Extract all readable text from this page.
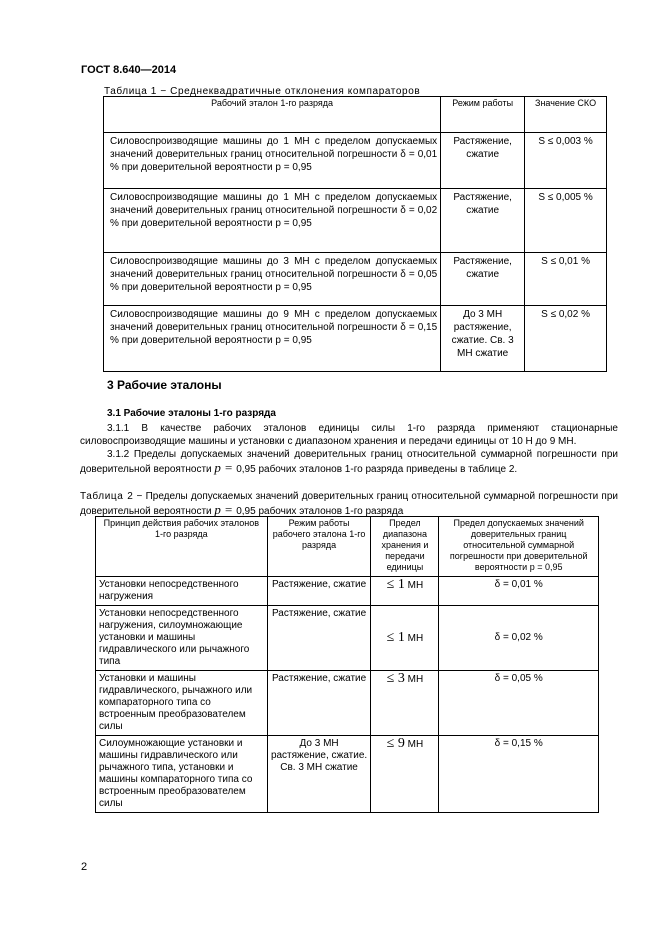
ГОСТ 8.640—2014
Таблица 1 − Среднеквадратичные отклонения компараторов
Рабочий эталон 1-го разряда	Режим работы	Значение СКО
Силовоспроизводящие машины до 1 МН с пределом допускаемых значений доверительных границ относительной погрешности δ = 0,01 % при доверительной вероятности p = 0,95	Растяжение, сжатие	S ≤ 0,003 %
Силовоспроизводящие машины до 1 МН с пределом допускаемых значений доверительных границ относительной погрешности δ = 0,02 % при доверительной вероятности p = 0,95	Растяжение, сжатие	S ≤ 0,005 %
Силовоспроизводящие машины до 3 МН с пределом допускаемых значений доверительных границ относительной погрешности δ = 0,05 % при доверительной вероятности p = 0,95	Растяжение, сжатие	S ≤ 0,01 %
Силовоспроизводящие машины до 9 МН с пределом допускаемых значений доверительных границ относительной погрешности δ = 0,15 % при доверительной вероятности p = 0,95	До 3 МН растяжение, сжатие. Св. 3 МН сжатие	S ≤ 0,02 %
3 Рабочие эталоны
3.1 Рабочие эталоны 1-го разряда
3.1.1 В качестве рабочих эталонов единицы силы 1-го разряда применяют стационарные силовоспроизводящие машины и установки с диапазоном хранения и передачи единицы от 10 Н до 9 МН.
3.1.2 Пределы допускаемых значений доверительных границ относительной суммарной погрешности при доверительной вероятности p = 0,95 рабочих эталонов 1-го разряда приведены в таблице 2.
Таблица 2 − Пределы допускаемых значений доверительных границ относительной суммарной погрешности при доверительной вероятности p = 0,95 рабочих эталонов 1-го разряда
Принцип действия рабочих эталонов 1-го разряда	Режим работы рабочего эталона 1-го разряда	Предел диапазона хранения и передачи единицы	Предел допускаемых значений доверительных границ относительной суммарной погрешности при доверительной вероятности p = 0,95
Установки непосредственного нагружения	Растяжение, сжатие	≤ 1 МН	δ = 0,01 %
Установки непосредственного нагружения, силоумножающие установки и машины гидравлического или рычажного типа	Растяжение, сжатие	≤ 1 МН	δ = 0,02 %
Установки и машины гидравлического, рычажного или компараторного типа со встроенным преобразователем силы	Растяжение, сжатие	≤ 3 МН	δ = 0,05 %
Силоумножающие установки и машины гидравлического или рычажного типа, установки и машины компараторного типа со встроенным преобразователем силы	До 3 МН растяжение, сжатие. Св. 3 МН сжатие	≤ 9 МН	δ = 0,15 %
2
